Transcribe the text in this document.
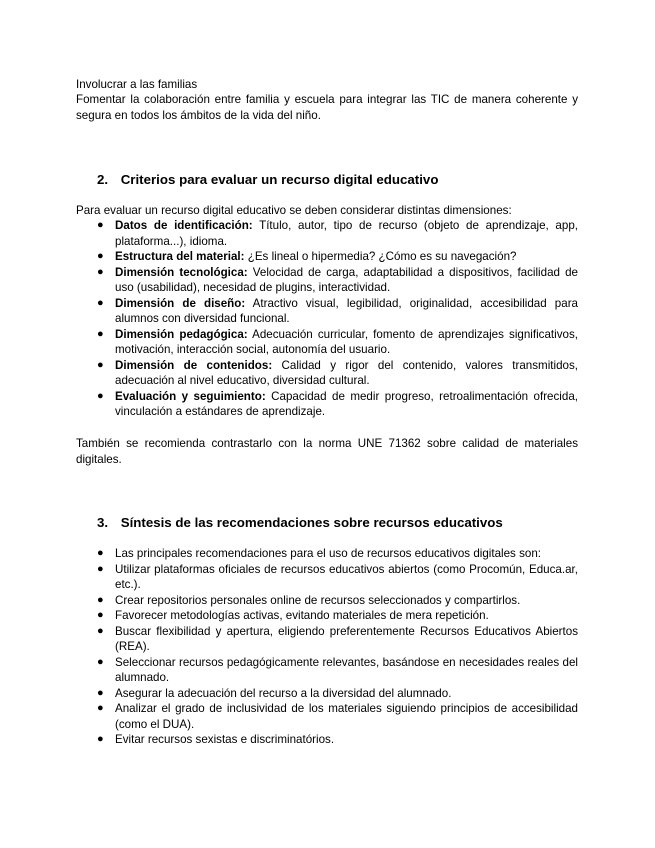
Involucrar a las familias
Fomentar la colaboración entre familia y escuela para integrar las TIC de manera coherente y segura en todos los ámbitos de la vida del niño.
2. Criterios para evaluar un recurso digital educativo
Para evaluar un recurso digital educativo se deben considerar distintas dimensiones:
● Datos de identificación: Título, autor, tipo de recurso (objeto de aprendizaje, app, plataforma...), idioma.
● Estructura del material: ¿Es lineal o hipermedia? ¿Cómo es su navegación?
● Dimensión tecnológica: Velocidad de carga, adaptabilidad a dispositivos, facilidad de uso (usabilidad), necesidad de plugins, interactividad.
● Dimensión de diseño: Atractivo visual, legibilidad, originalidad, accesibilidad para alumnos con diversidad funcional.
● Dimensión pedagógica: Adecuación curricular, fomento de aprendizajes significativos, motivación, interacción social, autonomía del usuario.
● Dimensión de contenidos: Calidad y rigor del contenido, valores transmitidos, adecuación al nivel educativo, diversidad cultural.
● Evaluación y seguimiento: Capacidad de medir progreso, retroalimentación ofrecida, vinculación a estándares de aprendizaje.
También se recomienda contrastarlo con la norma UNE 71362 sobre calidad de materiales digitales.
3. Síntesis de las recomendaciones sobre recursos educativos
● Las principales recomendaciones para el uso de recursos educativos digitales son:
● Utilizar plataformas oficiales de recursos educativos abiertos (como Procomún, Educa.ar, etc.).
● Crear repositorios personales online de recursos seleccionados y compartirlos.
● Favorecer metodologías activas, evitando materiales de mera repetición.
● Buscar flexibilidad y apertura, eligiendo preferentemente Recursos Educativos Abiertos (REA).
● Seleccionar recursos pedagógicamente relevantes, basándose en necesidades reales del alumnado.
● Asegurar la adecuación del recurso a la diversidad del alumnado.
● Analizar el grado de inclusividad de los materiales siguiendo principios de accesibilidad (como el DUA).
● Evitar recursos sexistas e discriminatórios.
